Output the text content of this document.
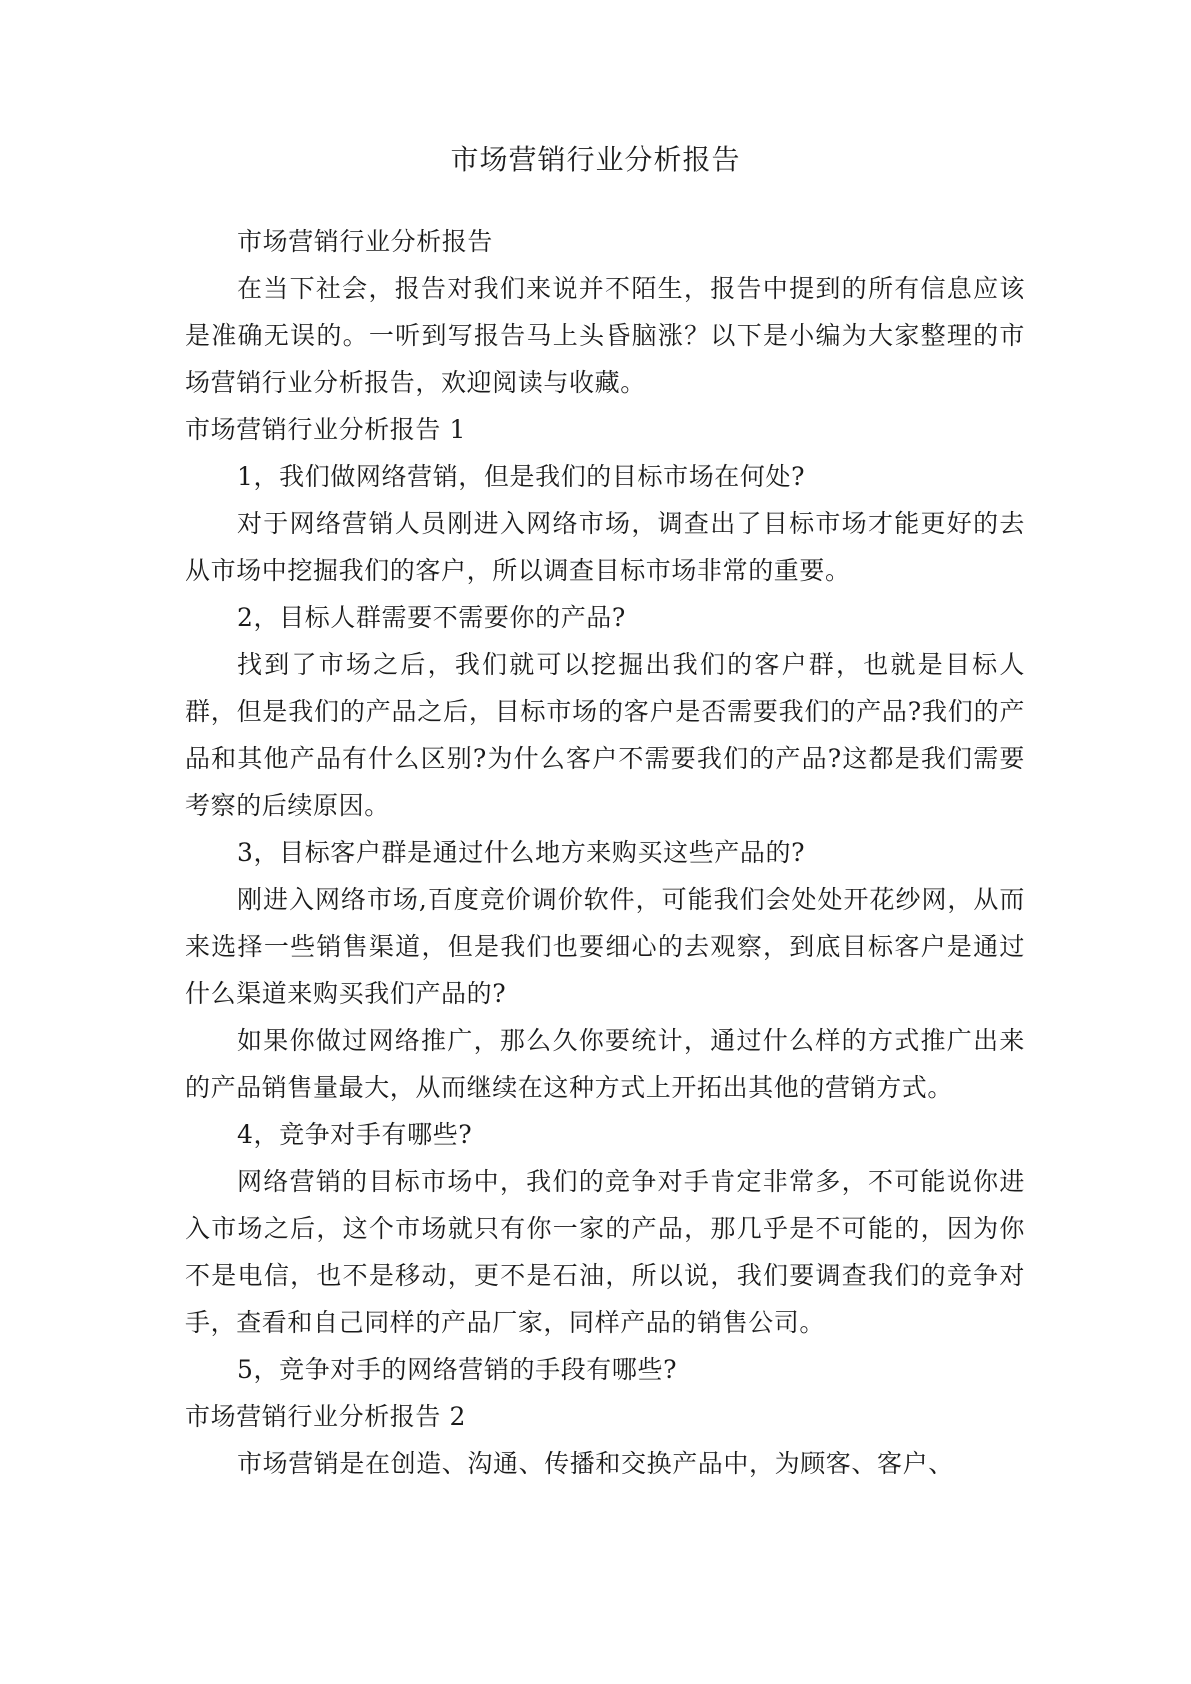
市场营销行业分析报告

市场营销行业分析报告

在当下社会，报告对我们来说并不陌生，报告中提到的所有信息应该是准确无误的。一听到写报告马上头昏脑涨？以下是小编为大家整理的市场营销行业分析报告，欢迎阅读与收藏。

市场营销行业分析报告 1

1，我们做网络营销，但是我们的目标市场在何处?

对于网络营销人员刚进入网络市场，调查出了目标市场才能更好的去从市场中挖掘我们的客户，所以调查目标市场非常的重要。

2，目标人群需要不需要你的产品?

找到了市场之后，我们就可以挖掘出我们的客户群，也就是目标人群，但是我们的产品之后，目标市场的客户是否需要我们的产品?我们的产品和其他产品有什么区别?为什么客户不需要我们的产品?这都是我们需要考察的后续原因。

3，目标客户群是通过什么地方来购买这些产品的?

刚进入网络市场,百度竞价调价软件，可能我们会处处开花纱网，从而来选择一些销售渠道，但是我们也要细心的去观察，到底目标客户是通过什么渠道来购买我们产品的?

如果你做过网络推广，那么久你要统计，通过什么样的方式推广出来的产品销售量最大，从而继续在这种方式上开拓出其他的营销方式。

4，竞争对手有哪些?

网络营销的目标市场中，我们的竞争对手肯定非常多，不可能说你进入市场之后，这个市场就只有你一家的产品，那几乎是不可能的，因为你不是电信，也不是移动，更不是石油，所以说，我们要调查我们的竞争对手，查看和自己同样的产品厂家，同样产品的销售公司。

5，竞争对手的网络营销的手段有哪些?

市场营销行业分析报告 2

市场营销是在创造、沟通、传播和交换产品中，为顾客、客户、
